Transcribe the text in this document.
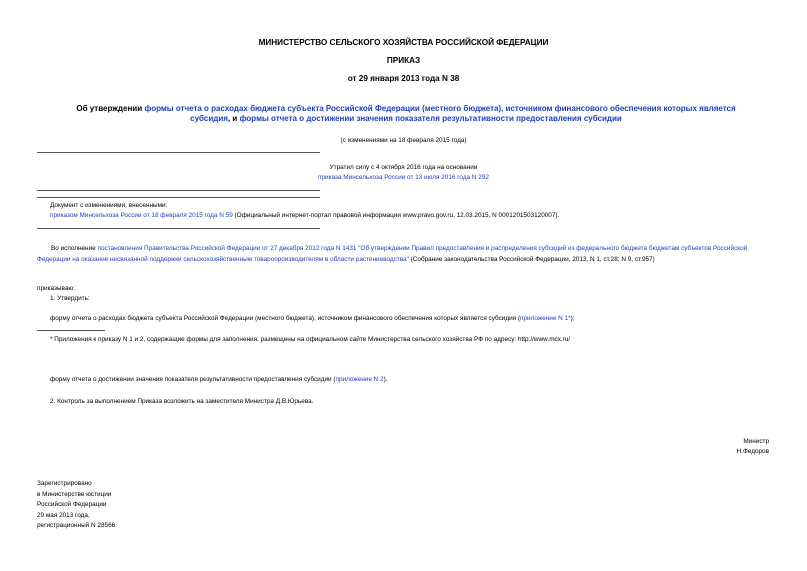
МИНИСТЕРСТВО СЕЛЬСКОГО ХОЗЯЙСТВА РОССИЙСКОЙ ФЕДЕРАЦИИ
ПРИКАЗ
от 29 января 2013 года N 38
Об утверждении формы отчета о расходах бюджета субъекта Российской Федерации (местного бюджета), источником финансового обеспечения которых является субсидия, и формы отчета о достижении значения показателя результативности предоставления субсидии
(с изменениями на 18 февраля 2015 года)
Утратил силу с 4 октября 2016 года на основании
приказа Минсельхоза России от 13 июля 2016 года N 292
Документ с изменениями, внесенными:
приказом Минсельхоза России от 18 февраля 2015 года N 59 (Официальный интернет-портал правовой информации www.pravo.gov.ru, 12.03.2015, N 0001201503120007).
Во исполнение постановления Правительства Российской Федерации от 27 декабря 2012 года N 1431 "Об утверждении Правил предоставления и распределения субсидий из федерального бюджета бюджетам субъектов Российской Федерации на оказание несвязанной поддержки сельскохозяйственным товаропроизводителям в области растениеводства" (Собрание законодательства Российской Федерации, 2013, N 1, ст.28; N 9, ст.957)
приказываю:
1. Утвердить:
форму отчета о расходах бюджета субъекта Российской Федерации (местного бюджета), источником финансового обеспечения которых является субсидия (приложение N 1*);
* Приложения к приказу N 1 и 2, содержащие формы для заполнения, размещены на официальном сайте Министерства сельского хозяйства РФ по адресу: http://www.mcx.ru/
форму отчета о достижении значения показателя результативности предоставления субсидии (приложение N 2).
2. Контроль за выполнением Приказа возложить на заместителя Министра Д.В.Юрьева.
Министр
Н.Федоров
Зарегистрировано
в Министерстве юстиции
Российской Федерации
29 мая 2013 года,
регистрационный N 28566
